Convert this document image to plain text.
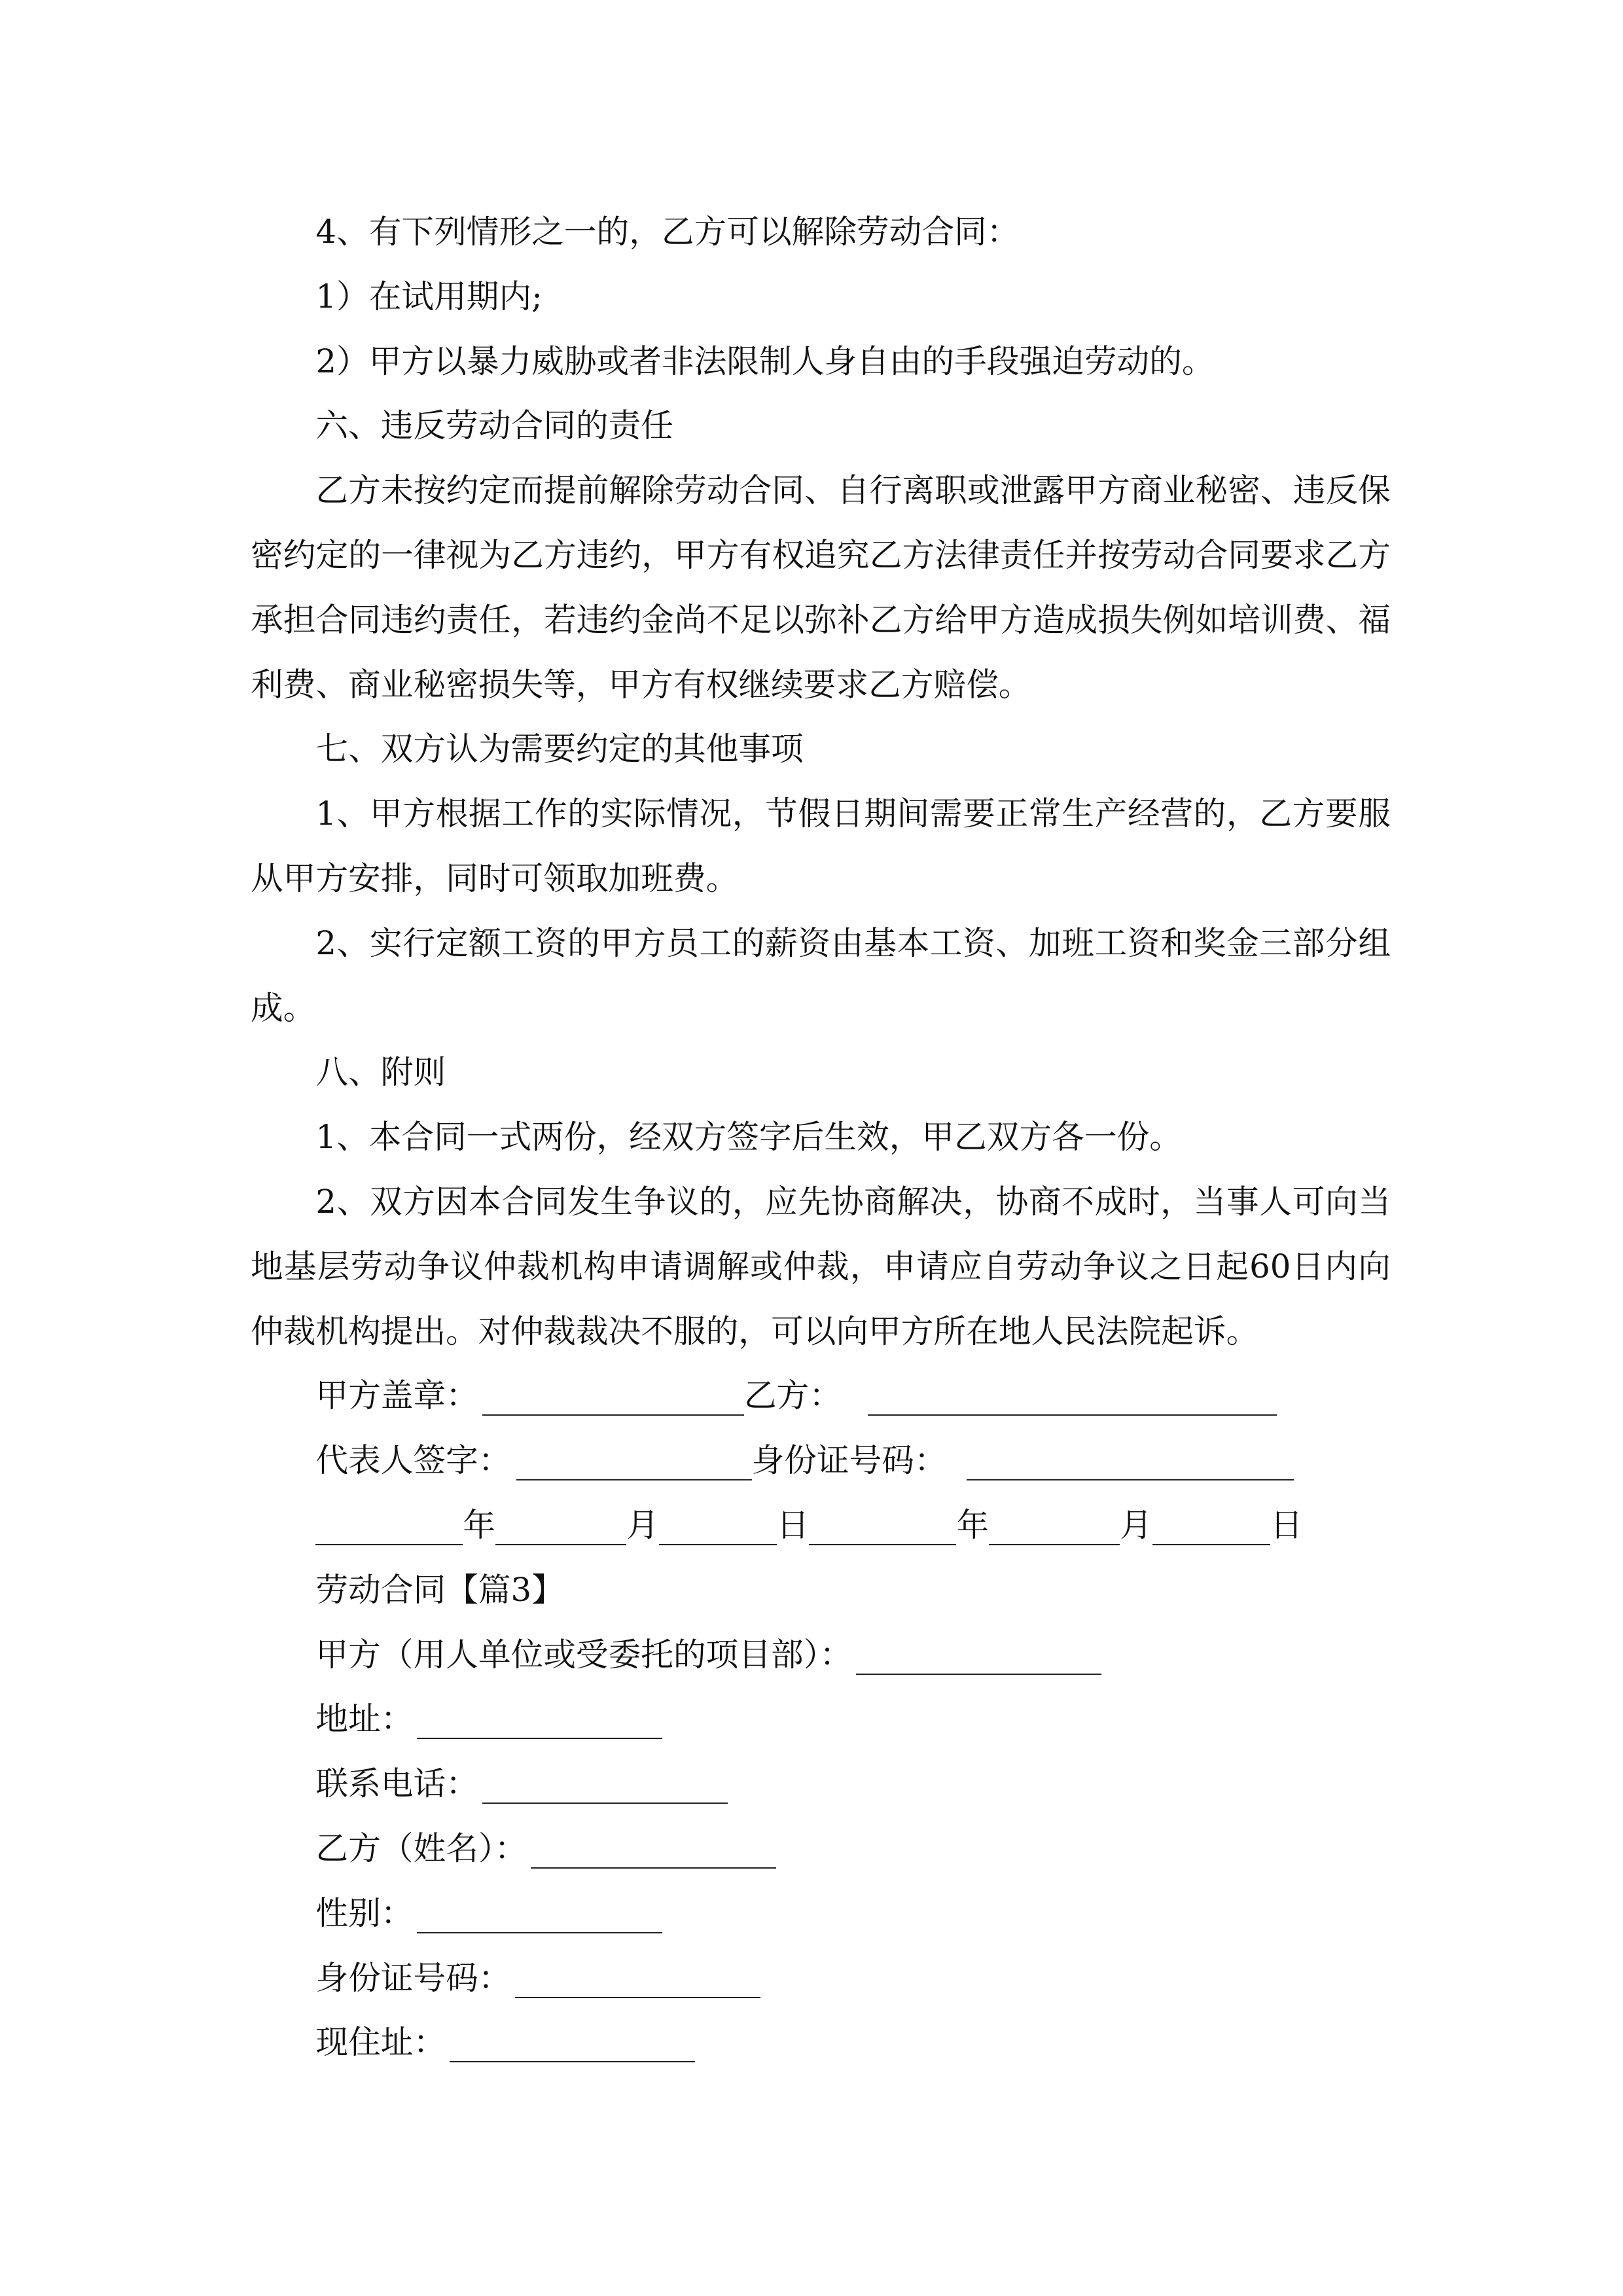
4、有下列情形之一的，乙方可以解除劳动合同：
1）在试用期内;
2）甲方以暴力威胁或者非法限制人身自由的手段强迫劳动的。
六、违反劳动合同的责任
乙方未按约定而提前解除劳动合同、自行离职或泄露甲方商业秘密、违反保
密约定的一律视为乙方违约，甲方有权追究乙方法律责任并按劳动合同要求乙方
承担合同违约责任，若违约金尚不足以弥补乙方给甲方造成损失例如培训费、福
利费、商业秘密损失等，甲方有权继续要求乙方赔偿。
七、双方认为需要约定的其他事项
1、甲方根据工作的实际情况，节假日期间需要正常生产经营的，乙方要服
从甲方安排，同时可领取加班费。
2、实行定额工资的甲方员工的薪资由基本工资、加班工资和奖金三部分组
成。
八、附则
1、本合同一式两份，经双方签字后生效，甲乙双方各一份。
2、双方因本合同发生争议的，应先协商解决，协商不成时，当事人可向当
地基层劳动争议仲裁机构申请调解或仲裁，申请应自劳动争议之日起60日内向
仲裁机构提出。对仲裁裁决不服的，可以向甲方所在地人民法院起诉。
甲方盖章：	乙方：
代表人签字：	身份证号码：
年	月	日	年	月	日
劳动合同【篇3】
甲方（用人单位或受委托的项目部）：
地址：
联系电话：
乙方（姓名）：
性别：
身份证号码：
现住址：
